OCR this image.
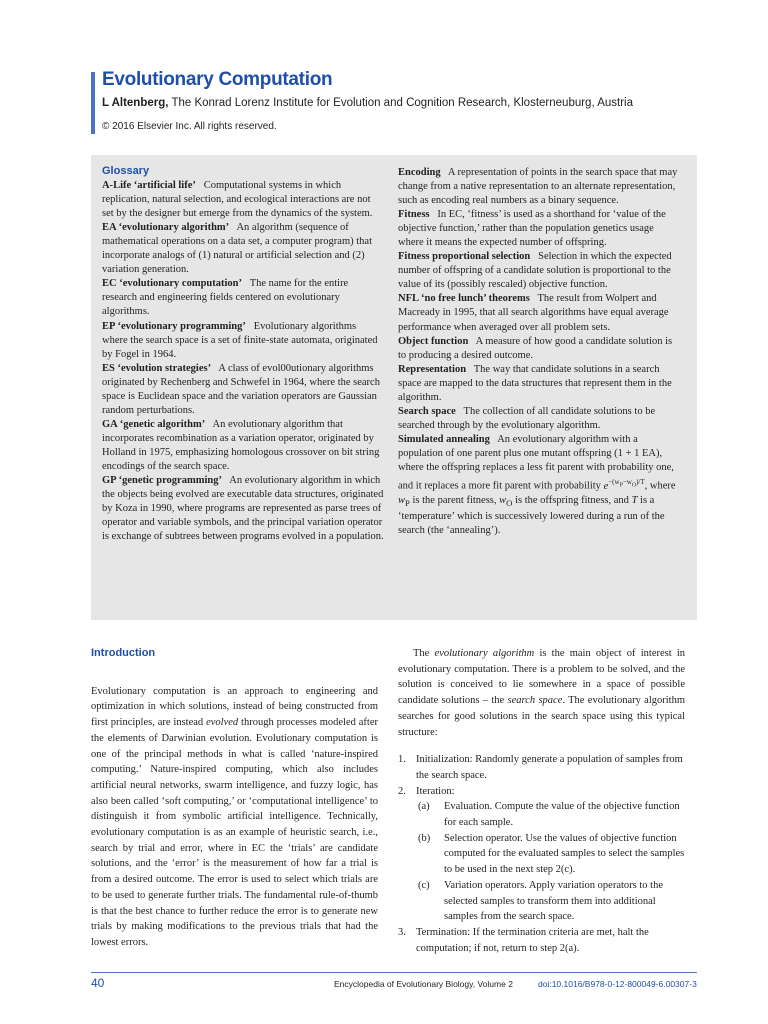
Evolutionary Computation
L Altenberg, The Konrad Lorenz Institute for Evolution and Cognition Research, Klosterneuburg, Austria
© 2016 Elsevier Inc. All rights reserved.
Glossary

A-Life ‘artificial life’ Computational systems in which replication, natural selection, and ecological interactions are not set by the designer but emerge from the dynamics of the system.

EA ‘evolutionary algorithm’ An algorithm (sequence of mathematical operations on a data set, a computer program) that incorporate analogs of (1) natural or artificial selection and (2) variation generation.

EC ‘evolutionary computation’ The name for the entire research and engineering fields centered on evolutionary algorithms.

EP ‘evolutionary programming’ Evolutionary algorithms where the search space is a set of finite-state automata, originated by Fogel in 1964.

ES ‘evolution strategies’ A class of evol00utionary algorithms originated by Rechenberg and Schwefel in 1964, where the search space is Euclidean space and the variation operators are Gaussian random perturbations.

GA ‘genetic algorithm’ An evolutionary algorithm that incorporates recombination as a variation operator, originated by Holland in 1975, emphasizing homologous crossover on bit string encodings of the search space.

GP ‘genetic programming’ An evolutionary algorithm in which the objects being evolved are executable data structures, originated by Koza in 1990, where programs are represented as parse trees of operator and variable symbols, and the principal variation operator is exchange of subtrees between programs evolved in a population.

Encoding A representation of points in the search space that may change from a native representation to an alternate representation, such as encoding real numbers as a binary sequence.

Fitness In EC, ‘fitness’ is used as a shorthand for ‘value of the objective function,’ rather than the population genetics usage where it means the expected number of offspring.

Fitness proportional selection Selection in which the expected number of offspring of a candidate solution is proportional to the value of its (possibly rescaled) objective function.

NFL ‘no free lunch’ theorems The result from Wolpert and Macready in 1995, that all search algorithms have equal average performance when averaged over all problem sets.

Object function A measure of how good a candidate solution is to producing a desired outcome.

Representation The way that candidate solutions in a search space are mapped to the data structures that represent them in the algorithm.

Search space The collection of all candidate solutions to be searched through by the evolutionary algorithm.

Simulated annealing An evolutionary algorithm with a population of one parent plus one mutant offspring (1 + 1 EA), where the offspring replaces a less fit parent with probability one, and it replaces a more fit parent with probability $e^{-(w_P-w_O)/T}$, where $w_P$ is the parent fitness, $w_O$ is the offspring fitness, and T is a ‘temperature’ which is successively lowered during a run of the search (the ‘annealing’).

Introduction

Evolutionary computation is an approach to engineering and optimization in which solutions, instead of being constructed from first principles, are instead evolved through processes modeled after the elements of Darwinian evolution. Evolutionary computation is one of the principal methods in what is called ‘nature-inspired computing.’ Nature-inspired computing, which also includes artificial neural networks, swarm intelligence, and fuzzy logic, has also been called ‘soft computing,’ or ‘computational intelligence’ to distinguish it from symbolic artificial intelligence. Technically, evolutionary computation is as an example of heuristic search, i.e., search by trial and error, where in EC the ‘trials’ are candidate solutions, and the ‘error’ is the measurement of how far a trial is from a desired outcome. The error is used to select which trials are to be used to generate further trials. The fundamental rule-of-thumb is that the best chance to further reduce the error is to generate new trials by making modifications to the previous trials that had the lowest errors.

The evolutionary algorithm is the main object of interest in evolutionary computation. There is a problem to be solved, and the solution is conceived to lie somewhere in a space of possible candidate solutions – the search space. The evolutionary algorithm searches for good solutions in the search space using this typical structure:

1. Initialization: Randomly generate a population of samples from the search space.
2. Iteration:
(a) Evaluation. Compute the value of the objective function for each sample.
(b) Selection operator. Use the values of objective function computed for the evaluated samples to select the samples to be used in the next step 2(c).
(c) Variation operators. Apply variation operators to the selected samples to transform them into additional samples from the search space.
3. Termination: If the termination criteria are met, halt the computation; if not, return to step 2(a).
40	Encyclopedia of Evolutionary Biology, Volume 2	doi:10.1016/B978-0-12-800049-6.00307-3
